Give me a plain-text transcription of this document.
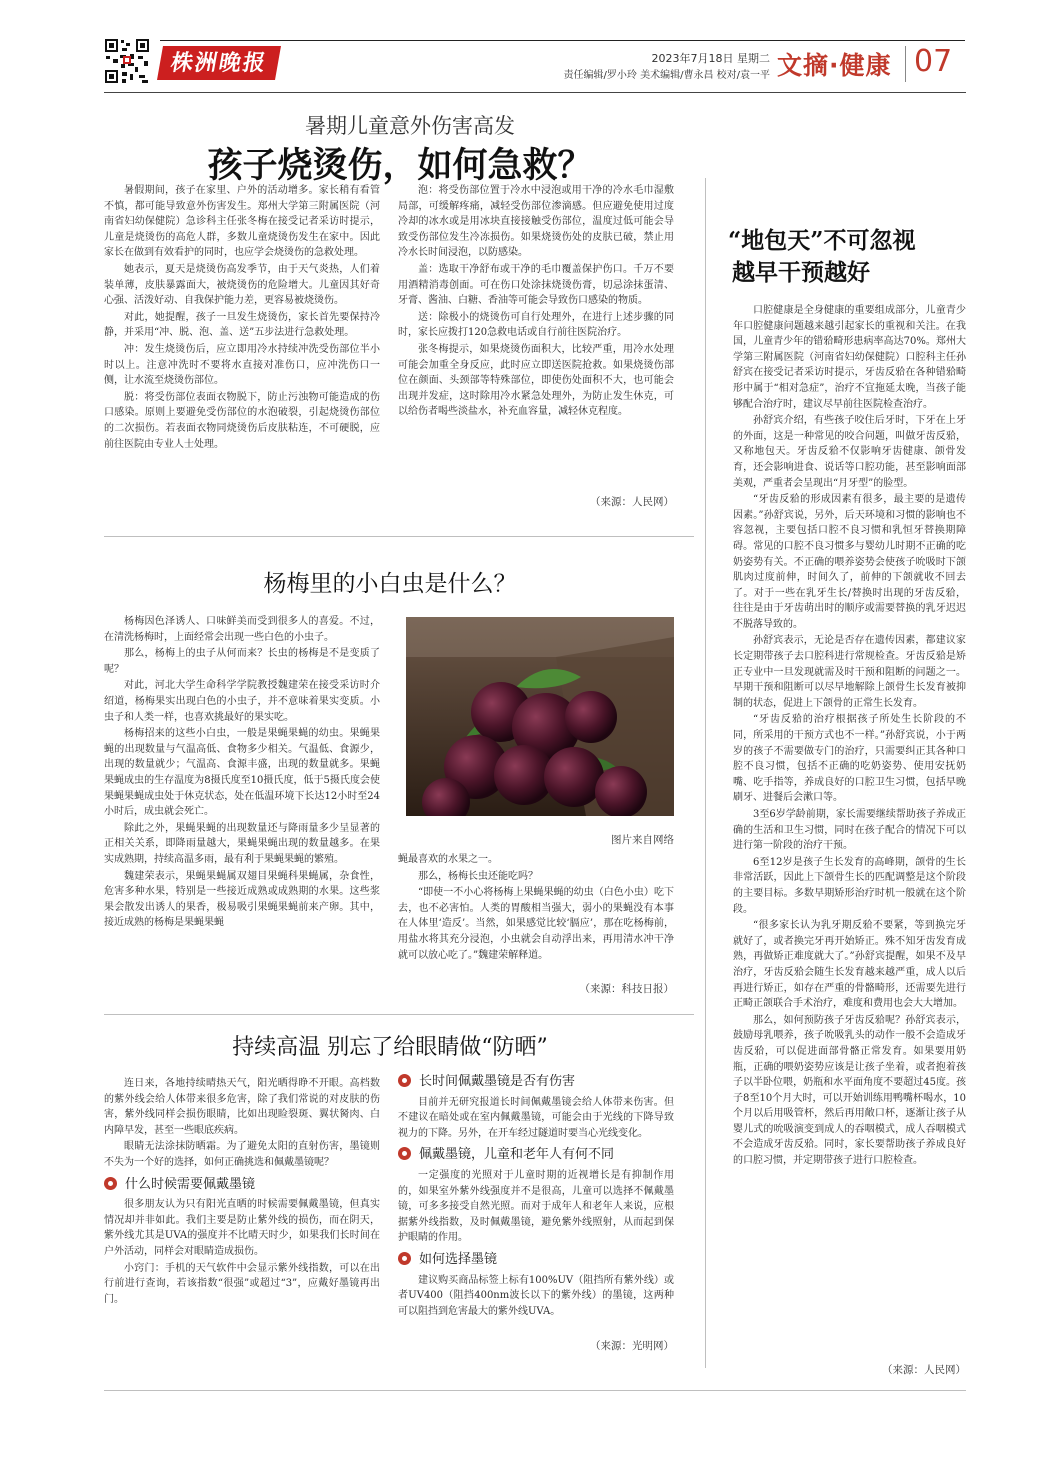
株洲晚报	2023年7月18日 星期二
责任编辑/罗小玲 美术编辑/曹永昌 校对/袁一平 文摘·健康 07
暑期儿童意外伤害高发
孩子烧烫伤，如何急救？

暑假期间，孩子在家里、户外的活动增多。家长稍有看管不慎，都可能导致意外伤害发生。郑州大学第三附属医院（河南省妇幼保健院）急诊科主任张冬梅在接受记者采访时提示，儿童是烧烫伤的高危人群，多数儿童烧烫伤发生在家中。因此家长在做到有效看护的同时，也应学会烧烫伤的急救处理。

她表示，夏天是烧烫伤高发季节，由于天气炎热，人们着装单薄，皮肤暴露面大，被烧烫伤的危险增大。儿童因其好奇心强、活泼好动、自我保护能力差，更容易被烧烫伤。

对此，她提醒，孩子一旦发生烧烫伤，家长首先要保持冷静，并采用“冲、脱、泡、盖、送”五步法进行急救处理。

冲：发生烧烫伤后，应立即用冷水持续冲洗受伤部位半小时以上。注意冲洗时不要将水直接对准伤口，应冲洗伤口一侧，让水流至烧烫伤部位。

脱：将受伤部位表面衣物脱下，防止污浊物可能造成的伤口感染。原则上要避免受伤部位的水泡破裂，引起烧烫伤部位的二次损伤。若表面衣物同烧烫伤后皮肤粘连，不可硬脱，应前往医院由专业人士处理。

泡：将受伤部位置于冷水中浸泡或用干净的冷水毛巾湿敷局部，可缓解疼痛，减轻受伤部位渗滴感。但应避免使用过度冷却的冰水或是用冰块直接接触受伤部位，温度过低可能会导致受伤部位发生冷冻损伤。如果烧烫伤处的皮肤已破，禁止用冷水长时间浸泡，以防感染。

盖：选取干净舒布或干净的毛巾覆盖保护伤口。千万不要用酒精消毒创面。可在伤口处涂抹烧烫伤膏，切忌涂抹蛋清、牙膏、酱油、白糖、香油等可能会导致伤口感染的物质。

送：除极小的烧烫伤可自行处理外，在进行上述步骤的同时，家长应拨打120急救电话或自行前往医院治疗。

张冬梅提示，如果烧烫伤面积大，比较严重，用冷水处理可能会加重全身反应，此时应立即送医院抢救。如果烧烫伤部位在颜面、头颈部等特殊部位，即使伤处面积不大，也可能会出现并发症，这时除用冷水紧急处理外，为防止发生休克，可以给伤者喝些淡盐水，补充血容量，减轻休克程度。

（来源：人民网）
杨梅里的小白虫是什么？

杨梅因色泽诱人、口味鲜美而受到很多人的喜爱。不过，在清洗杨梅时，上面经常会出现一些白色的小虫子。

那么，杨梅上的虫子从何而来？长虫的杨梅是不是变质了呢？

对此，河北大学生命科学学院教授魏建荣在接受采访时介绍道，杨梅果实出现白色的小虫子，并不意味着果实变质。小虫子和人类一样，也喜欢挑最好的果实吃。

杨梅招来的这些小白虫，一般是果蝇果蝇的幼虫。果蝇果蝇的出现数量与气温高低、食物多少相关。气温低、食源少，出现的数量就少；气温高、食源丰盛，出现的数量就多。果蝇果蝇成虫的生存温度为8摄氏度至10摄氏度，低于5摄氏度会使果蝇果蝇成虫处于休克状态，处在低温环境下长达12小时至24小时后，成虫就会死亡。

除此之外，果蝇果蝇的出现数量还与降雨量多少呈显著的正相关关系，即降雨量越大，果蝇果蝇出现的数量越多。在果实成熟期，持续高温多雨，最有利于果蝇果蝇的繁殖。

魏建荣表示，果蝇果蝇属双翅目果蝇科果蝇属，杂食性，危害多种水果，特别是一些接近成熟或成熟期的水果。这些浆果会散发出诱人的果香，极易吸引果蝇果蝇前来产卵。其中，接近成熟的杨梅是果蝇果蝇

图片来自网络

蝇最喜欢的水果之一。

那么，杨梅长虫还能吃吗？

“即使一不小心将杨梅上果蝇果蝇的幼虫（白色小虫）吃下去，也不必害怕。人类的胃酸相当强大，弱小的果蝇没有本事在人体里‘造反’。当然，如果感觉比较‘膈应’，那在吃杨梅前，用盐水将其充分浸泡，小虫就会自动浮出来，再用清水冲干净就可以放心吃了。”魏建荣解释道。

（来源：科技日报）
持续高温 别忘了给眼睛做“防晒”

连日来，各地持续晴热天气，阳光晒得睁不开眼。高档数的紫外线会给人体带来很多危害，除了我们常说的对皮肤的伤害，紫外线同样会损伤眼睛，比如出现睑裂斑、翼状胬肉、白内障早发，甚至一些眼底疾病。

眼睛无法涂抹防晒霜。为了避免太阳的直射伤害，墨镜则不失为一个好的选择，如何正确挑选和佩戴墨镜呢？

什么时候需要佩戴墨镜

很多朋友认为只有阳光直晒的时候需要佩戴墨镜，但真实情况却并非如此。我们主要是防止紫外线的损伤，而在阴天，紫外线尤其是UVA的强度并不比晴天时少，如果我们长时间在户外活动，同样会对眼睛造成损伤。

小窍门：手机的天气软件中会显示紫外线指数，可以在出行前进行查询，若该指数“很强”或超过“3”，应戴好墨镜再出门。

长时间佩戴墨镜是否有伤害

目前并无研究报道长时间佩戴墨镜会给人体带来伤害。但不建议在暗处或在室内佩戴墨镜，可能会由于光线的下降导致视力的下降。另外，在开车经过隧道时要当心光线变化。

佩戴墨镜，儿童和老年人有何不同

一定强度的光照对于儿童时期的近视增长是有抑制作用的，如果室外紫外线强度并不是很高，儿童可以选择不佩戴墨镜，可多多接受自然光照。而对于成年人和老年人来说，应根据紫外线指数，及时佩戴墨镜，避免紫外线照射，从而起到保护眼睛的作用。

如何选择墨镜

建议购买商品标签上标有100%UV（阻挡所有紫外线）或者UV400（阻挡400nm波长以下的紫外线）的墨镜，这两种可以阻挡到危害最大的紫外线UVA。

（来源：光明网）
“地包天”不可忽视
越早干预越好

口腔健康是全身健康的重要组成部分，儿童青少年口腔健康问题越来越引起家长的重视和关注。在我国，儿童青少年的错𬌗畸形患病率高达70%。郑州大学第三附属医院（河南省妇幼保健院）口腔科主任孙舒宾在接受记者采访时提示，牙齿反𬌗在各种错𬌗畸形中属于“相对急症”，治疗不宜拖延太晚，当孩子能够配合治疗时，建议尽早前往医院检查治疗。

孙舒宾介绍，有些孩子咬住后牙时，下牙在上牙的外面，这是一种常见的咬合问题，叫做牙齿反𬌗，又称地包天。牙齿反𬌗不仅影响牙齿健康、颌骨发育，还会影响进食、说话等口腔功能，甚至影响面部美观，严重者会呈现出“月牙型”的脸型。

“牙齿反𬌗的形成因素有很多，最主要的是遗传因素。”孙舒宾说，另外，后天环境和习惯的影响也不容忽视，主要包括口腔不良习惯和乳恒牙替换期障碍。常见的口腔不良习惯多与婴幼儿时期不正确的吃奶姿势有关。不正确的喂养姿势会使孩子吮吸时下颌肌肉过度前伸，时间久了，前伸的下颌就收不回去了。对于一些在乳牙生长/替换时出现的牙齿反𬌗，往往是由于牙齿萌出时的顺序或需要替换的乳牙迟迟不脱落导致的。

孙舒宾表示，无论是否存在遗传因素，都建议家长定期带孩子去口腔科进行常规检查。牙齿反𬌗是矫正专业中一旦发现就需及时干预和阻断的问题之一。早期干预和阻断可以尽早地解除上颌骨生长发育被抑制的状态，促进上下颌骨的正常生长发育。

“牙齿反𬌗的治疗根据孩子所处生长阶段的不同，所采用的干预方式也不一样。”孙舒宾说，小于两岁的孩子不需要做专门的治疗，只需要纠正其各种口腔不良习惯，包括不正确的吃奶姿势、使用安抚奶嘴、吃手指等，养成良好的口腔卫生习惯，包括早晚刷牙、进餐后会漱口等。

3至6岁学龄前期，家长需要继续帮助孩子养成正确的生活和卫生习惯，同时在孩子配合的情况下可以进行第一阶段的治疗干预。

6至12岁是孩子生长发育的高峰期，颌骨的生长非常活跃，因此上下颌骨生长的匹配调整是这个阶段的主要目标。多数早期矫形治疗时机一般就在这个阶段。

“很多家长认为乳牙期反𬌗不要紧，等到换完牙就好了，或者换完牙再开始矫正。殊不知牙齿发育成熟，再做矫正难度就大了。”孙舒宾提醒，如果不及早治疗，牙齿反𬌗会随生长发育越来越严重，成人以后再进行矫正，如存在严重的骨骼畸形，还需要先进行正畸正颌联合手术治疗，难度和费用也会大大增加。

那么，如何预防孩子牙齿反𬌗呢？孙舒宾表示，鼓励母乳喂养，孩子吮吸乳头的动作一般不会造成牙齿反𬌗，可以促进面部骨骼正常发育。如果要用奶瓶，正确的喂奶姿势应该是让孩子坐着，或者抱着孩子以半卧位喂，奶瓶和水平面角度不要超过45度。孩子8至10个月大时，可以开始训练用鸭嘴杯喝水，10个月以后用吸管杯，然后再用敞口杯，逐渐让孩子从婴儿式的吮吸演变到成人的吞咽模式，成人吞咽模式不会造成牙齿反𬌗。同时，家长要帮助孩子养成良好的口腔习惯，并定期带孩子进行口腔检查。

（来源：人民网）
